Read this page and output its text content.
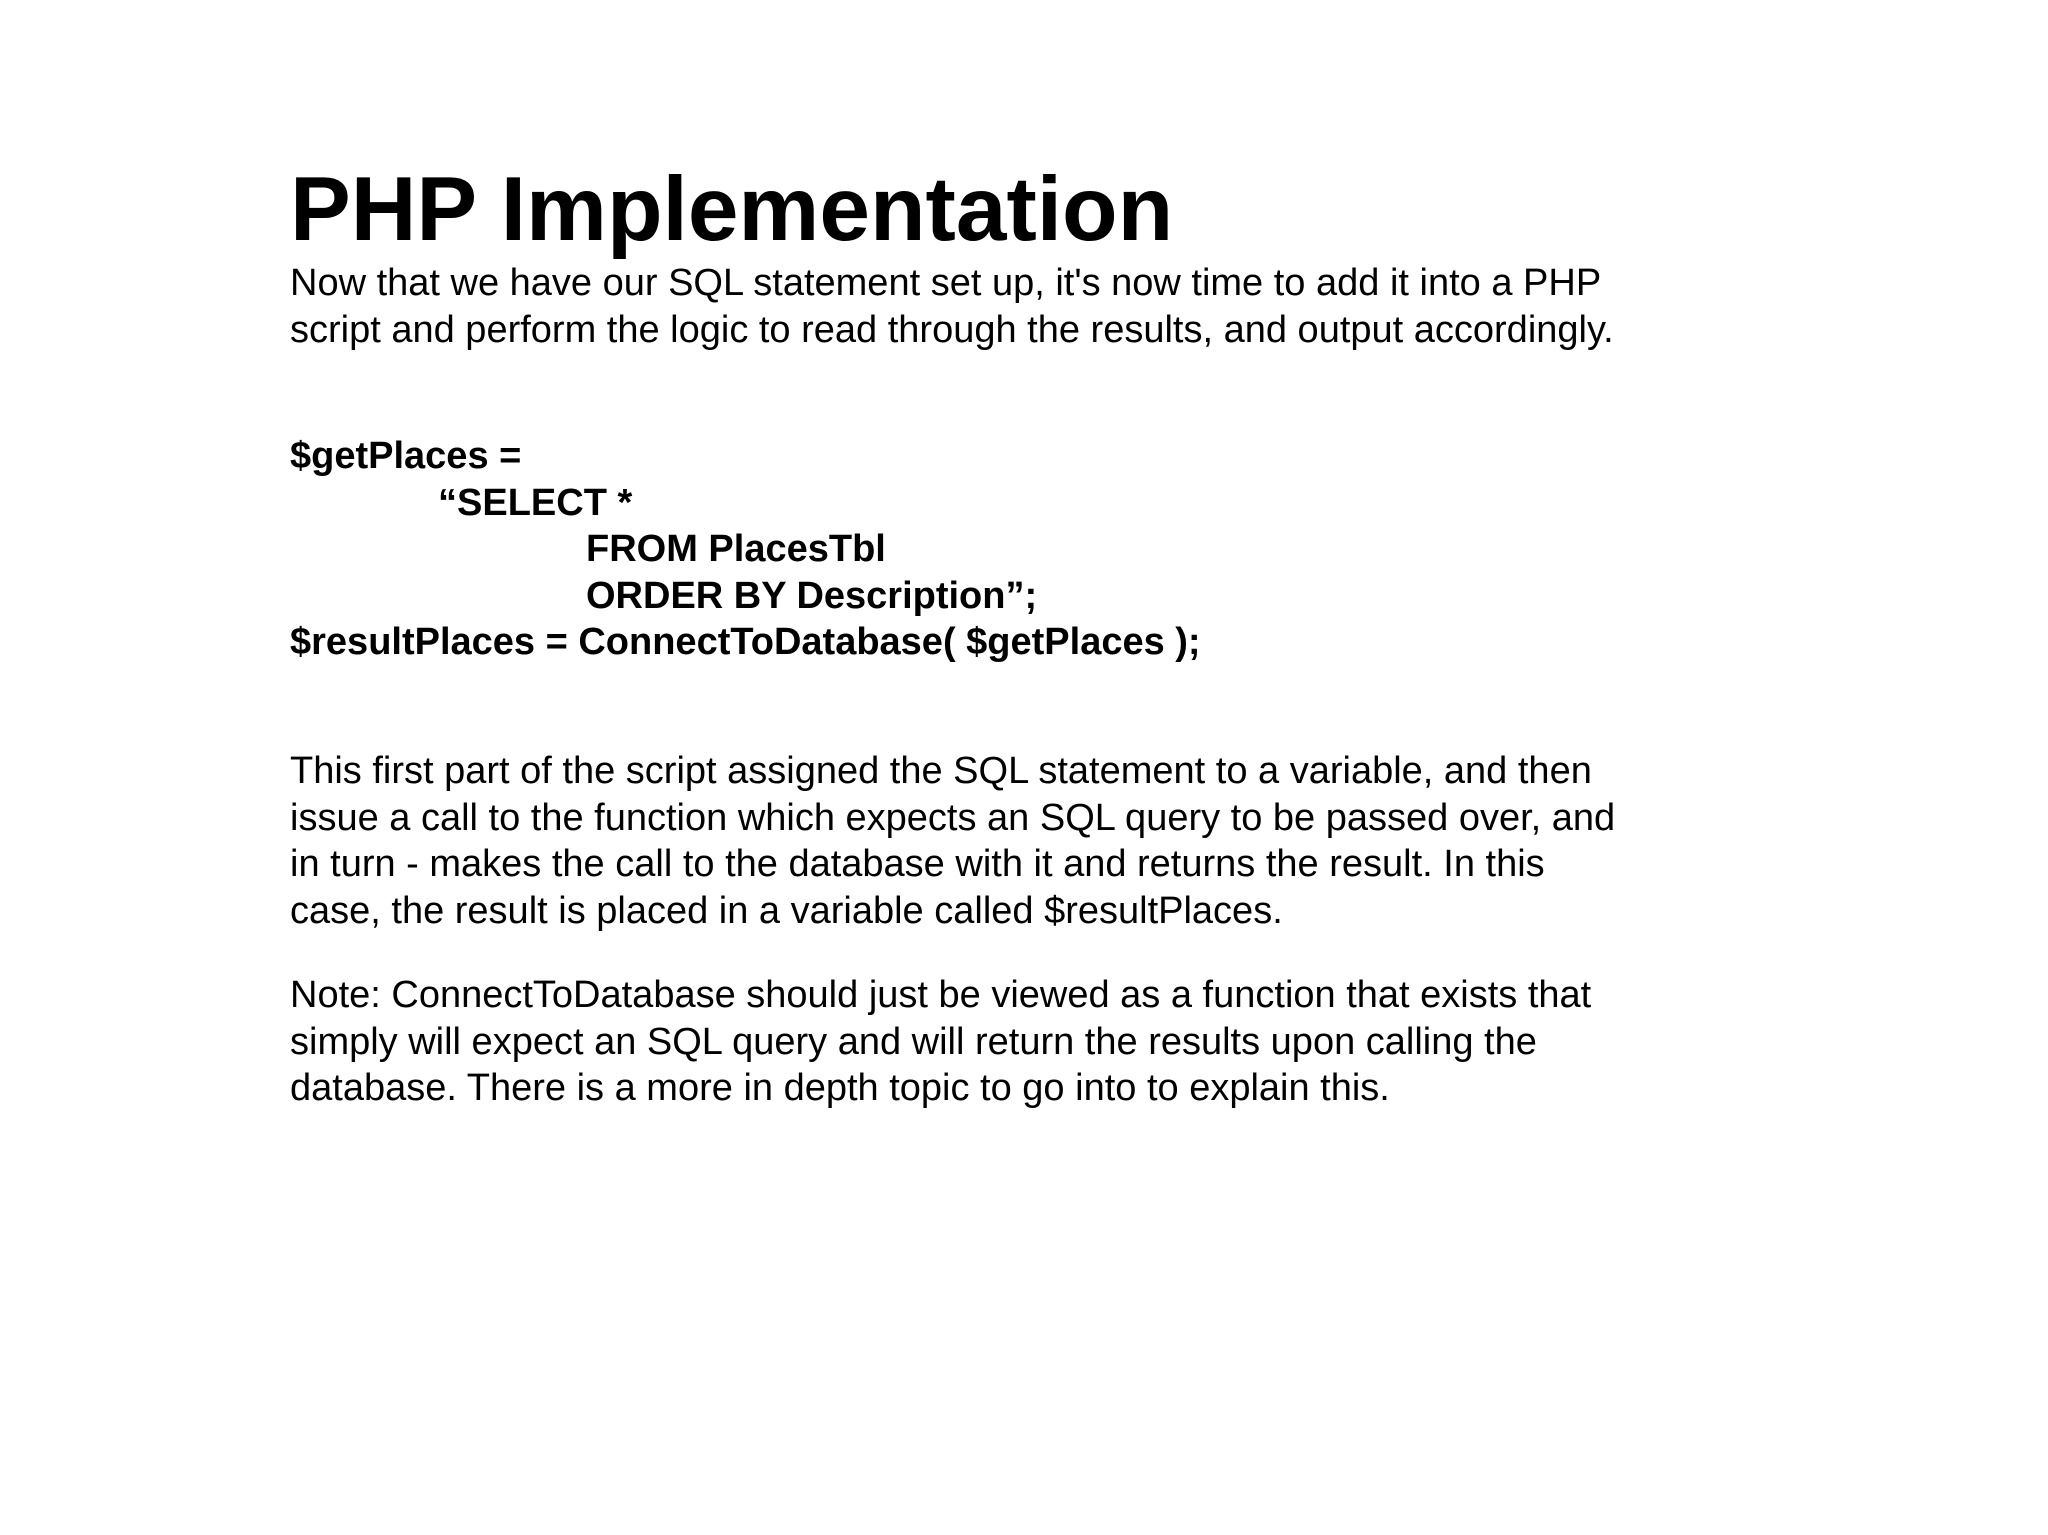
PHP Implementation

Now that we have our SQL statement set up, it's now time to add it into a PHP
script and perform the logic to read through the results, and output accordingly.

$getPlaces =
“SELECT *
FROM PlacesTbl
ORDER BY Description”;
$resultPlaces = ConnectToDatabase( $getPlaces );

This first part of the script assigned the SQL statement to a variable, and then
issue a call to the function which expects an SQL query to be passed over, and
in turn - makes the call to the database with it and returns the result. In this
case, the result is placed in a variable called $resultPlaces.

Note: ConnectToDatabase should just be viewed as a function that exists that
simply will expect an SQL query and will return the results upon calling the
database. There is a more in depth topic to go into to explain this.
